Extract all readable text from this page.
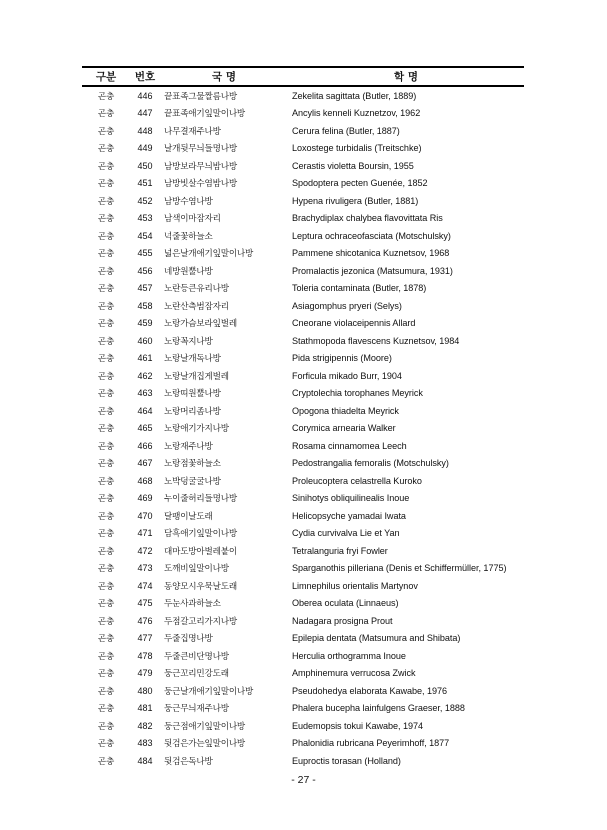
구분	번호	국 명	학 명
곤충	446	끝표족그물짤름나방	Zekelita sagittata (Butler, 1889)
곤충	447	끝표족애기잎말이나방	Ancylis kenneli Kuznetzov, 1962
곤충	448	나무결재주나방	Cerura felina (Butler, 1887)
곤충	449	날개뒷무늬들명나방	Loxostege turbidalis (Treitschke)
곤충	450	남방보라무늬밤나방	Cerastis violetta Boursin, 1955
곤충	451	남방빗살수염밤나방	Spodoptera pecten Guenée, 1852
곤충	452	남방수염나방	Hypena rivuligera (Butler, 1881)
곤충	453	남색이마잠자리	Brachydiplax chalybea flavovittata Ris
곤충	454	넉줄꽃하늘소	Leptura ochraceofasciata (Motschulsky)
곤충	455	넓은날개애기잎말이나방	Pammene shicotanica Kuznetsov, 1968
곤충	456	네방원뿔나방	Promalactis jezonica (Matsumura, 1931)
곤충	457	노란등큰유리나방	Toleria contaminata (Butler, 1878)
곤충	458	노란산측범잠자리	Asiagomphus pryeri (Selys)
곤충	459	노랑가슴보라잎벌레	Cneorane violaceipennis Allard
곤충	460	노랑꼭지나방	Stathmopoda flavescens Kuznetsov, 1984
곤충	461	노랑날개독나방	Pida strigipennis (Moore)
곤충	462	노랑날개집게벌레	Forficula mikado Burr, 1904
곤충	463	노랑띠원뿔나방	Cryptolechia torophanes Meyrick
곤충	464	노랑머리좀나방	Opogona thiadelta Meyrick
곤충	465	노랑애기가지나방	Corymica arnearia Walker
곤충	466	노랑재주나방	Rosama cinnamomea Leech
곤충	467	노랑점꽃하늘소	Pedostrangalia femoralis (Motschulsky)
곤충	468	노박덩굴굴나방	Proleucoptera celastrella Kuroko
곤충	469	누이줄허리들명나방	Sinihotys obliquilinealis Inoue
곤충	470	달팽이날도래	Helicopsyche yamadai Iwata
곤충	471	담흑애기잎말이나방	Cydia curvivalva Lie et Yan
곤충	472	대마도방아벌레붙이	Tetralanguria fryi Fowler
곤충	473	도깨비잎말이나방	Sparganothis pilleriana (Denis et Schiffermüller, 1775)
곤충	474	동양모시우묵날도래	Limnephilus orientalis Martynov
곤충	475	두눈사과하늘소	Oberea oculata (Linnaeus)
곤충	476	두점갈고리가지나방	Nadagara prosigna Prout
곤충	477	두줄집명나방	Epilepia dentata (Matsumura and Shibata)
곤충	478	두줄큰비단명나방	Herculia orthogramma Inoue
곤충	479	둥근꼬리민강도래	Amphinemura verrucosa Zwick
곤충	480	둥근날개애기잎말이나방	Pseudohedya elaborata Kawabe, 1976
곤충	481	둥근무늬재주나방	Phalera bucepha lainfulgens Graeser, 1888
곤충	482	둥근점애기잎말이나방	Eudemopsis tokui Kawabe, 1974
곤충	483	뒷검은가는잎말이나방	Phalonidia rubricana Peyerimhoff, 1877
곤충	484	뒷검은독나방	Euproctis torasan (Holland)
- 27 -
